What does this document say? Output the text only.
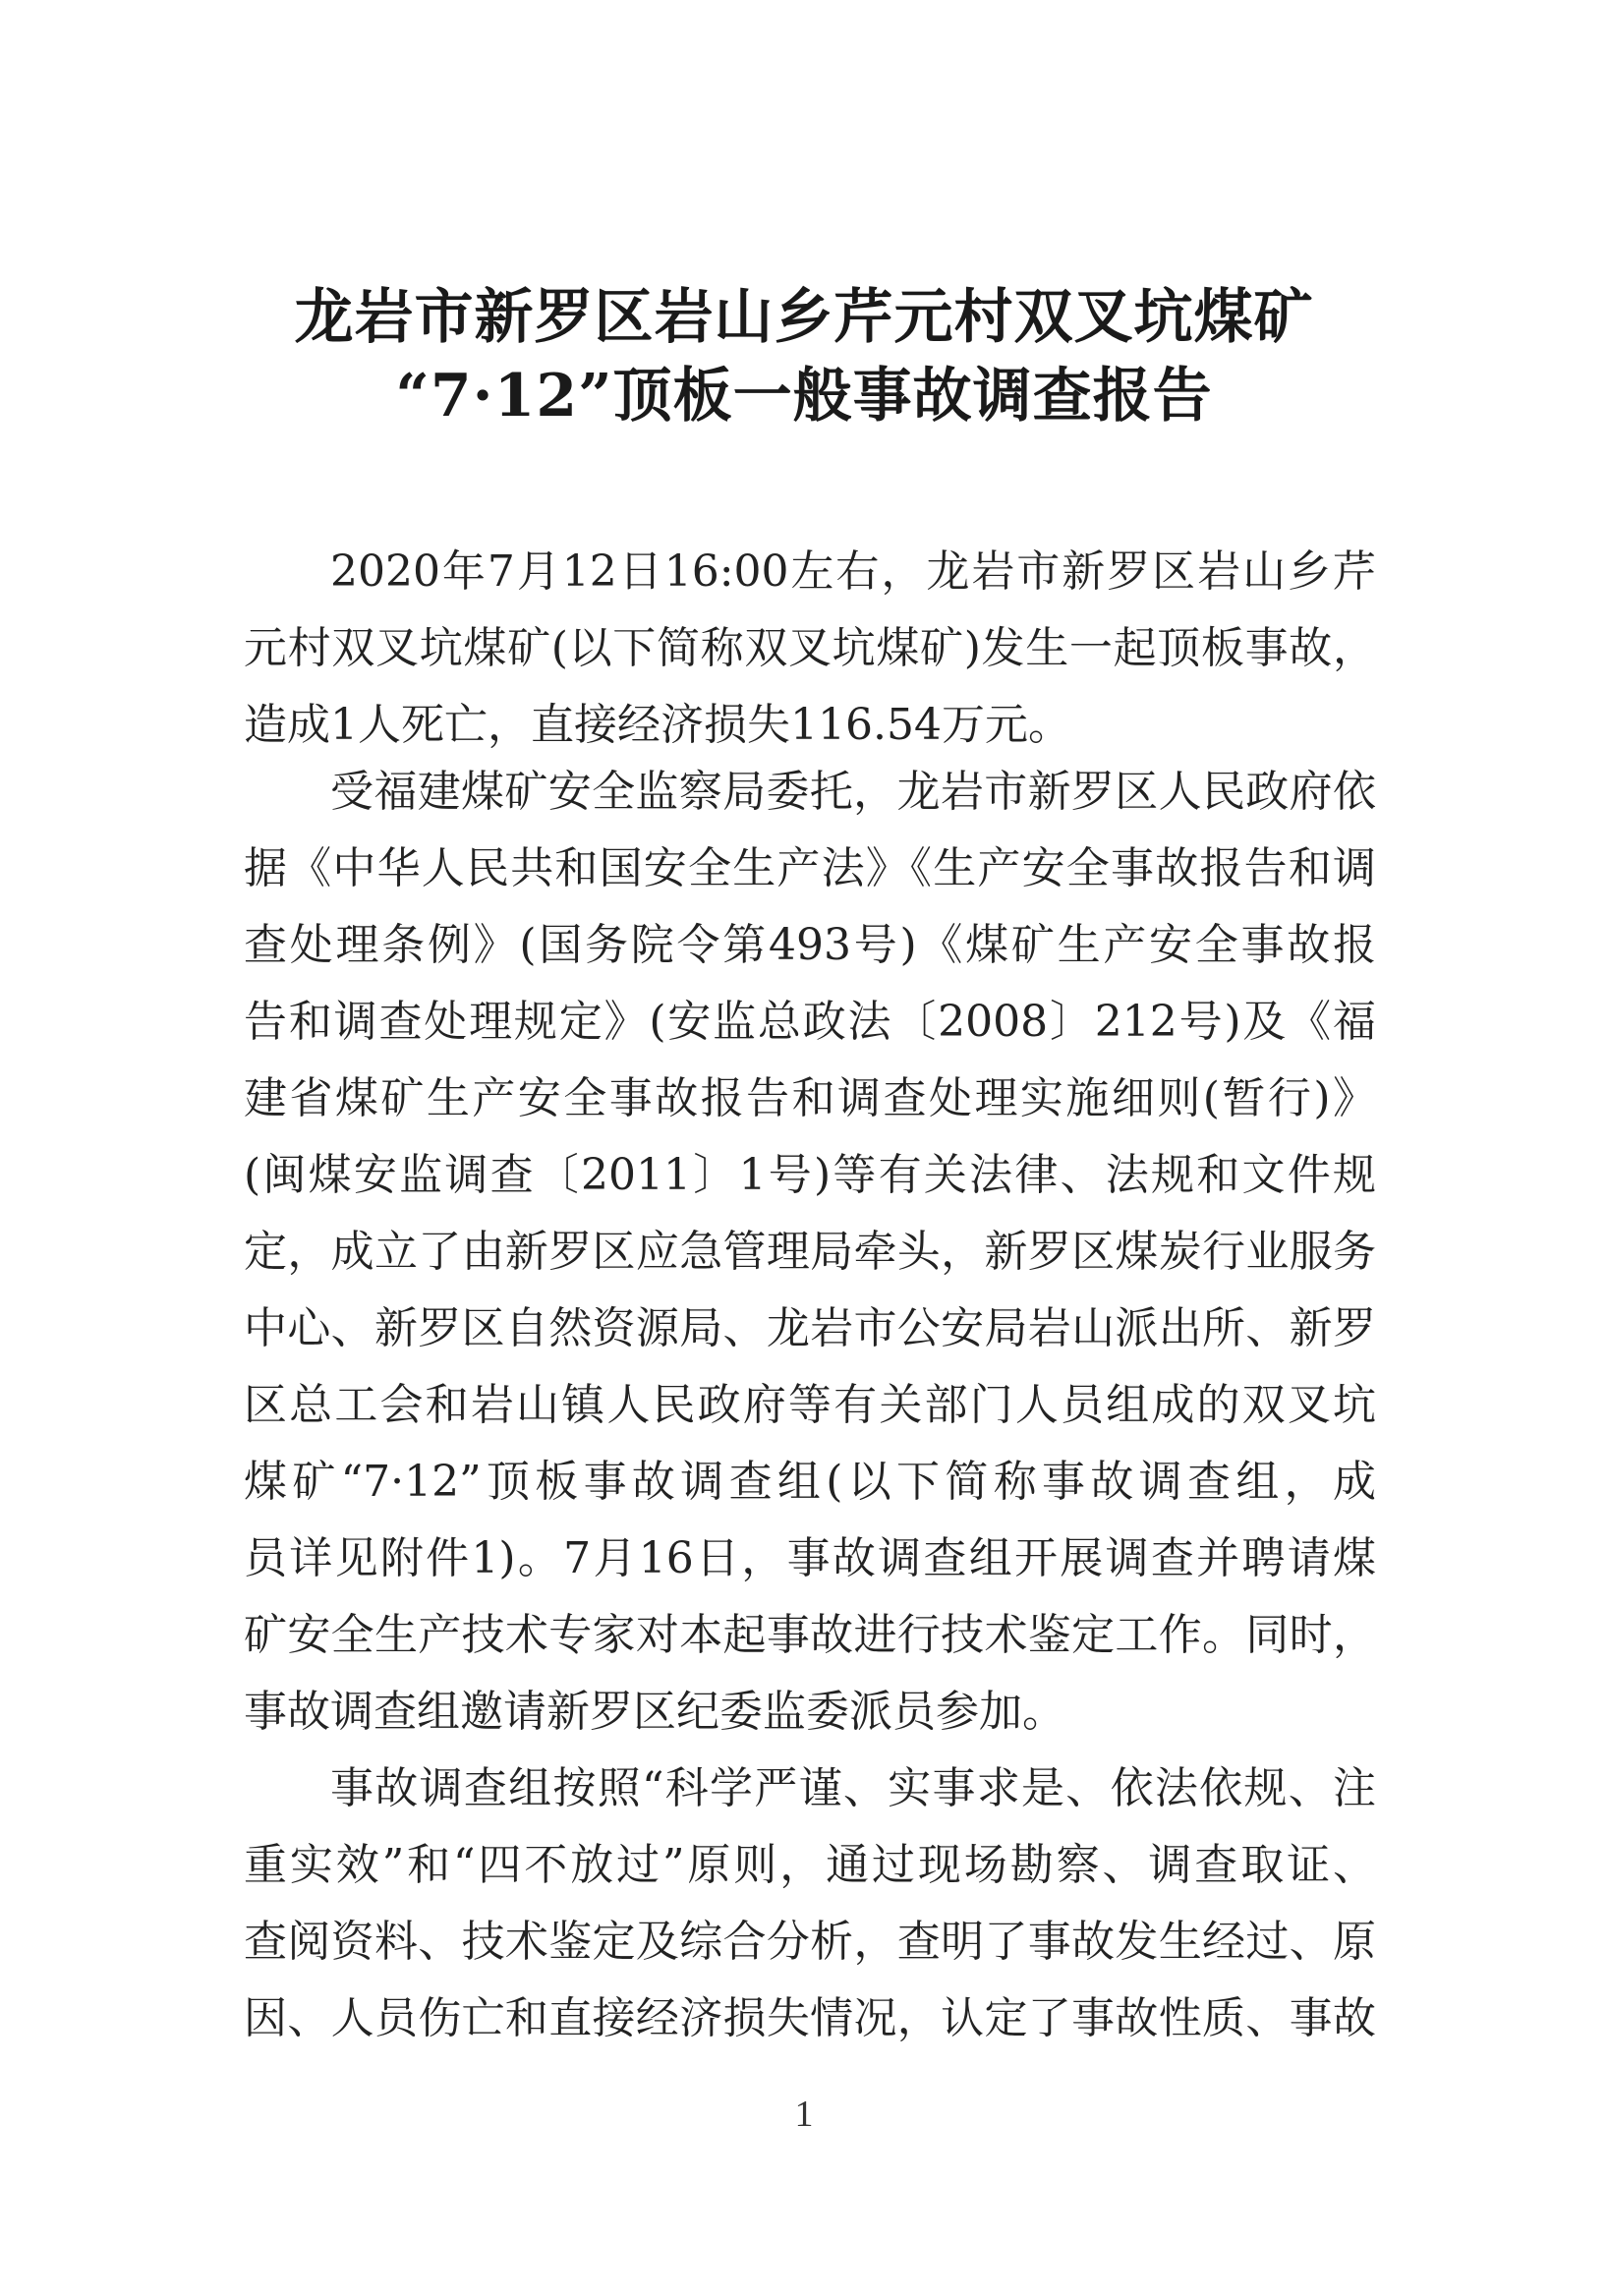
龙岩市新罗区岩山乡芹元村双叉坑煤矿
“7·12”顶板一般事故调查报告
2020年7月12日16:00左右，龙岩市新罗区岩山乡芹
元村双叉坑煤矿(以下简称双叉坑煤矿)发生一起顶板事故，
造成1人死亡，直接经济损失116.54万元。
受福建煤矿安全监察局委托，龙岩市新罗区人民政府依
据《中华人民共和国安全生产法》《生产安全事故报告和调
查处理条例》(国务院令第493号)《煤矿生产安全事故报
告和调查处理规定》(安监总政法〔2008〕212号)及《福
建省煤矿生产安全事故报告和调查处理实施细则(暂行)》
(闽煤安监调查〔2011〕1号)等有关法律、法规和文件规
定，成立了由新罗区应急管理局牵头，新罗区煤炭行业服务
中心、新罗区自然资源局、龙岩市公安局岩山派出所、新罗
区总工会和岩山镇人民政府等有关部门人员组成的双叉坑
煤矿“7·12”顶板事故调查组(以下简称事故调查组，成
员详见附件1)。7月16日，事故调查组开展调查并聘请煤
矿安全生产技术专家对本起事故进行技术鉴定工作。同时，
事故调查组邀请新罗区纪委监委派员参加。
事故调查组按照“科学严谨、实事求是、依法依规、注
重实效”和“四不放过”原则，通过现场勘察、调查取证、
查阅资料、技术鉴定及综合分析，查明了事故发生经过、原
因、人员伤亡和直接经济损失情况，认定了事故性质、事故
1
